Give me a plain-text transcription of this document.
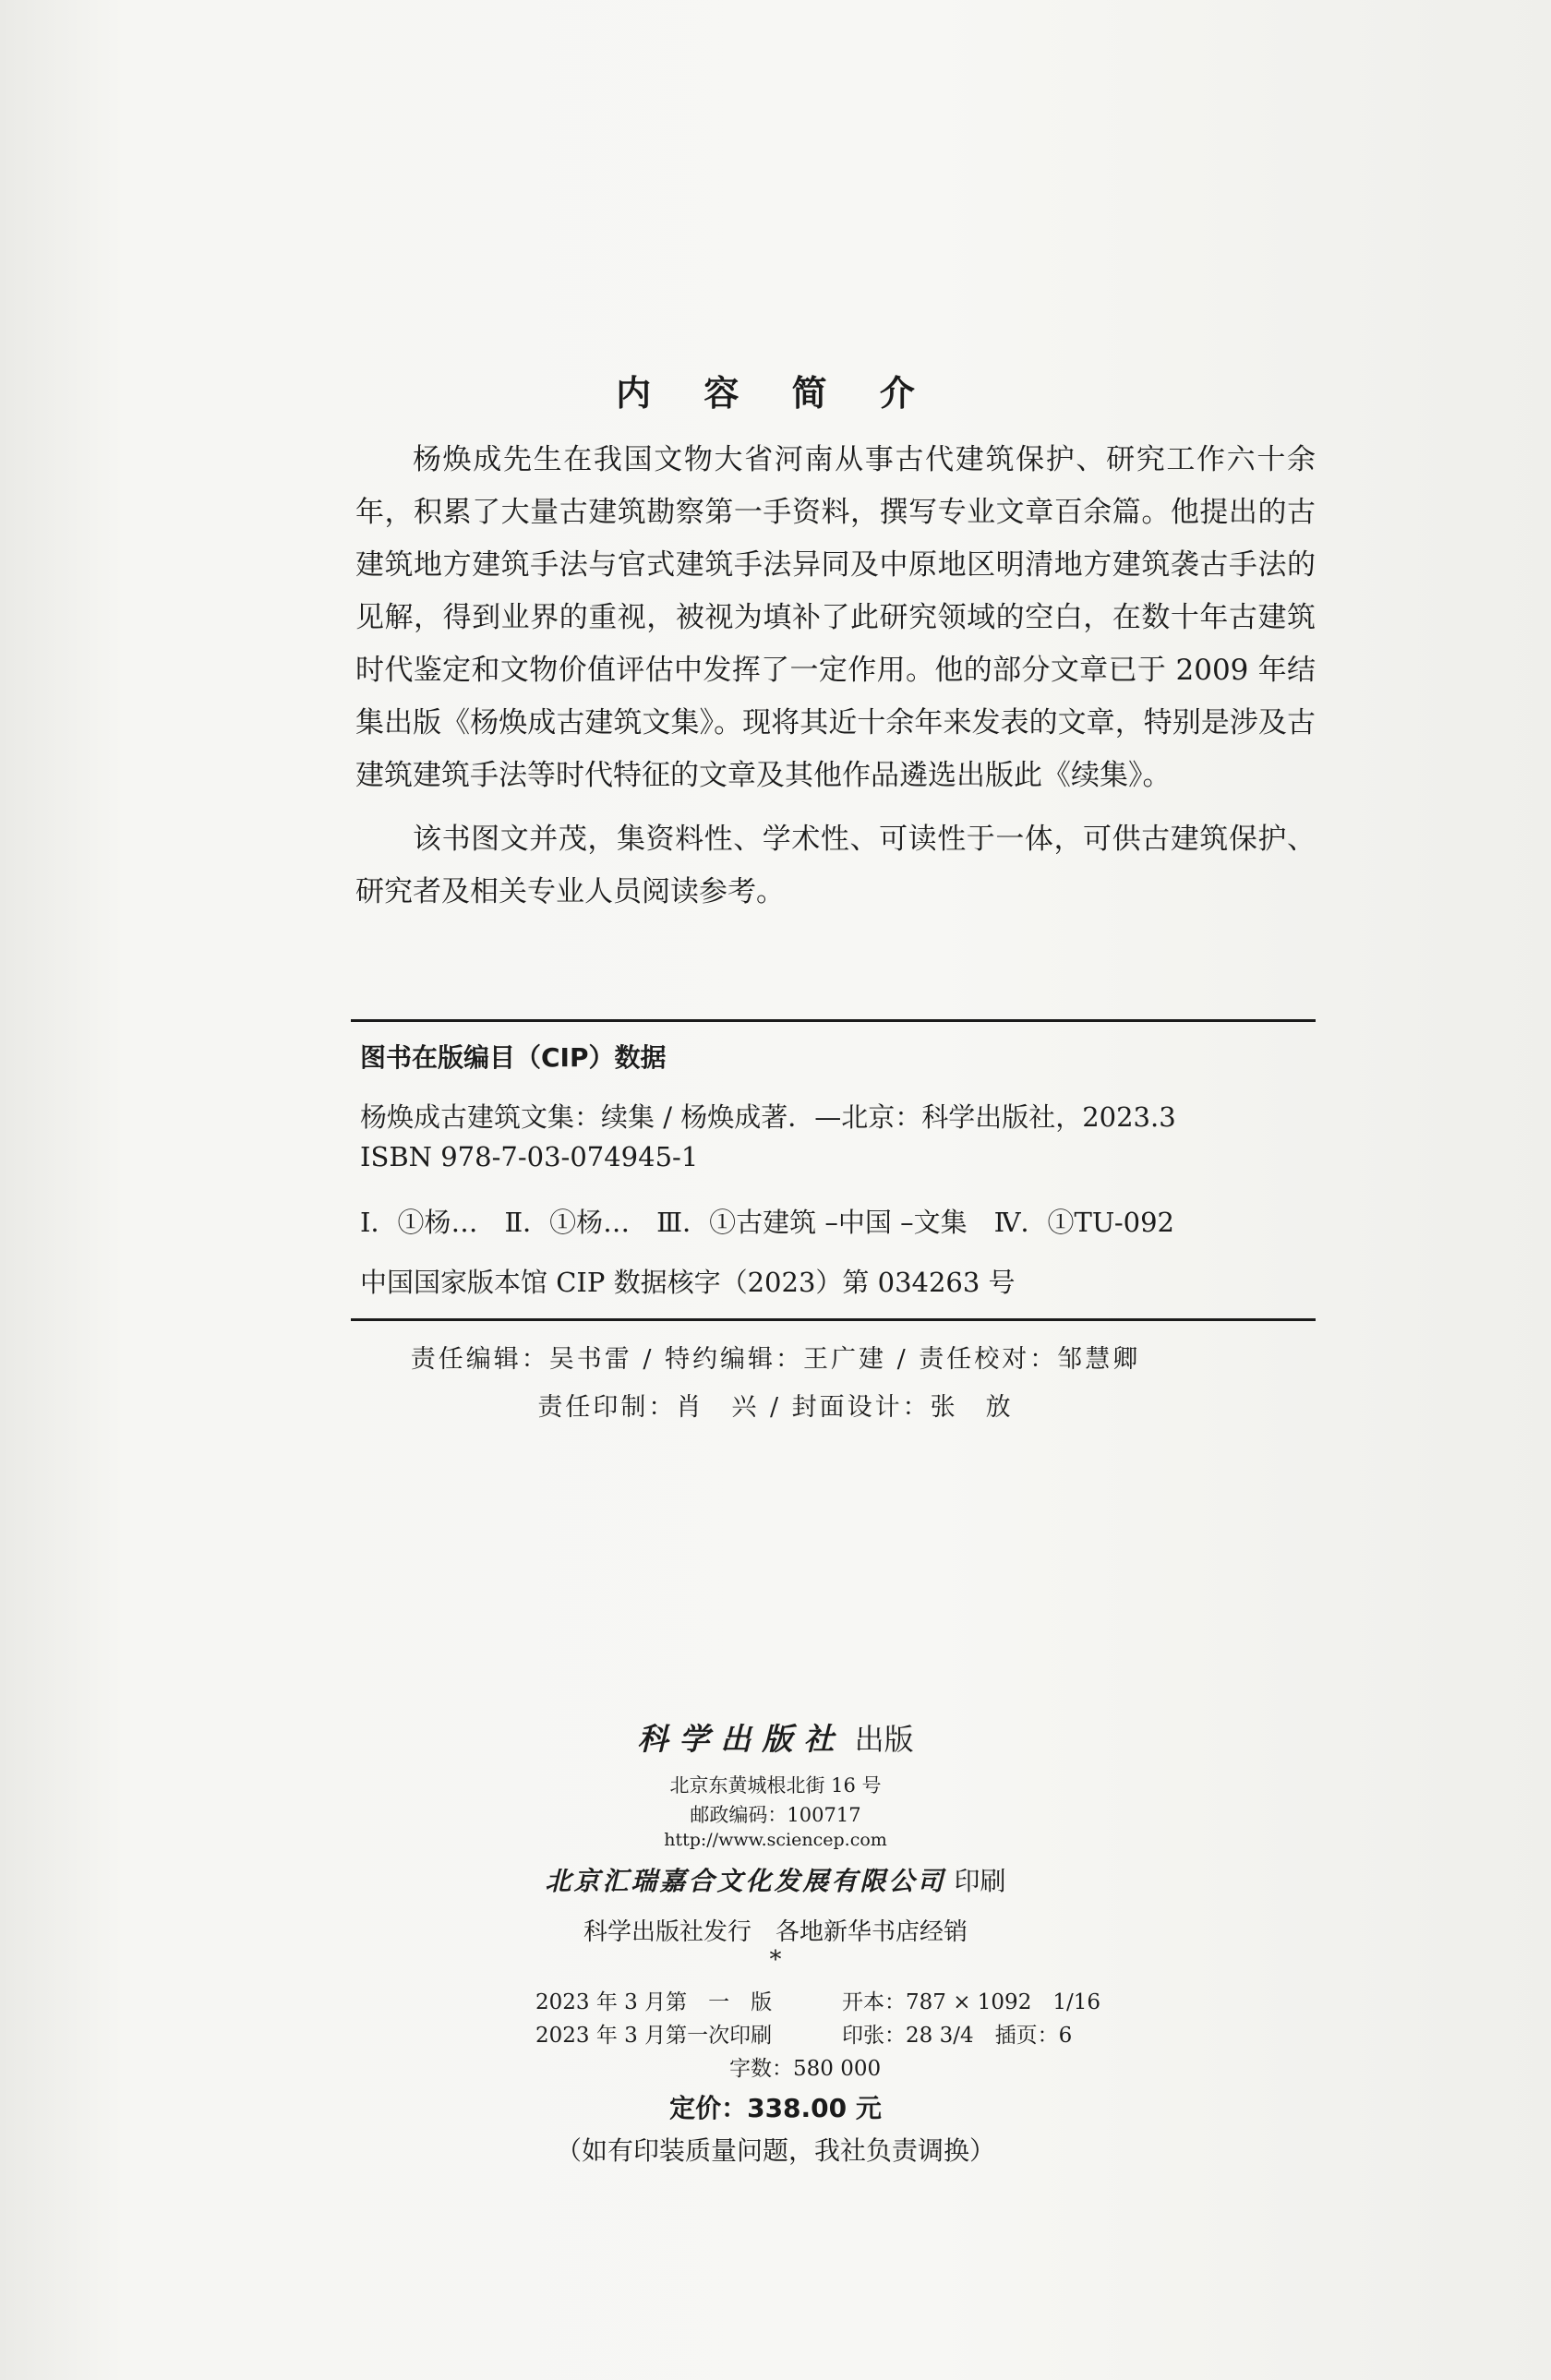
内 容 简 介

杨焕成先生在我国文物大省河南从事古代建筑保护、研究工作六十余年，积累了大量古建筑勘察第一手资料，撰写专业文章百余篇。他提出的古建筑地方建筑手法与官式建筑手法异同及中原地区明清地方建筑袭古手法的见解，得到业界的重视，被视为填补了此研究领域的空白，在数十年古建筑时代鉴定和文物价值评估中发挥了一定作用。他的部分文章已于 2009 年结集出版《杨焕成古建筑文集》。现将其近十余年来发表的文章，特别是涉及古建筑建筑手法等时代特征的文章及其他作品遴选出版此《续集》。

该书图文并茂，集资料性、学术性、可读性于一体，可供古建筑保护、研究者及相关专业人员阅读参考。

图书在版编目（CIP）数据
杨焕成古建筑文集：续集 / 杨焕成著．—北京：科学出版社，2023.3
ISBN 978-7-03-074945-1
Ⅰ．①杨…　Ⅱ．①杨…　Ⅲ．①古建筑 –中国 –文集　Ⅳ．①TU-092
中国国家版本馆 CIP 数据核字（2023）第 034263 号
责任编辑：吴书雷 / 特约编辑：王广建 / 责任校对：邹慧卿
责任印制：肖　兴 / 封面设计：张　放
科学出版社 出版
北京东黄城根北街 16 号
邮政编码：100717
http://www.sciencep.com
北京汇瑞嘉合文化发展有限公司 印刷
科学出版社发行　各地新华书店经销
*
2023 年 3 月第　一　版	开本：787 × 1092　1/16
2023 年 3 月第一次印刷	印张：28 3/4　插页：6
字数：580 000
定价：338.00 元
（如有印装质量问题，我社负责调换）
